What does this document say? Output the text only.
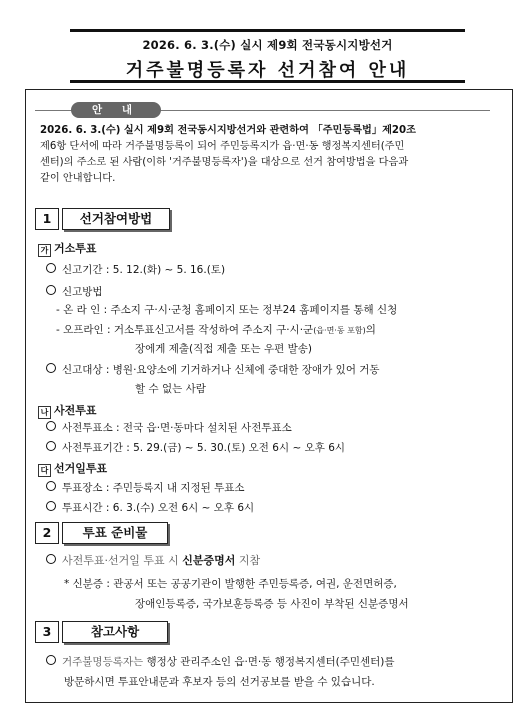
2026. 6. 3.(수) 실시 제9회 전국동시지방선거
거주불명등록자 선거참여 안내
안 내
2026. 6. 3.(수) 실시 제9회 전국동시지방선거와 관련하여 「주민등록법」제20조
제6항 단서에 따라 거주불명등록이 되어 주민등록지가 읍·면·동 행정복지센터(주민
센터)의 주소로 된 사람(이하 '거주불명등록자')을 대상으로 선거 참여방법을 다음과
같이 안내합니다.
1	선거참여방법
가 거소투표
신고기간 : 5. 12.(화) ~ 5. 16.(토)
신고방법
- 온 라 인 : 주소지 구·시·군청 홈페이지 또는 정부24 홈페이지를 통해 신청
- 오프라인 : 거소투표신고서를 작성하여 주소지 구·시·군(읍·면·동 포함)의
장에게 제출(직접 제출 또는 우편 발송)
신고대상 : 병원·요양소에 기거하거나 신체에 중대한 장애가 있어 거동
할 수 없는 사람
나 사전투표
사전투표소 : 전국 읍·면·동마다 설치된 사전투표소
사전투표기간 : 5. 29.(금) ~ 5. 30.(토) 오전 6시 ~ 오후 6시
다 선거일투표
투표장소 : 주민등록지 내 지정된 투표소
투표시간 : 6. 3.(수) 오전 6시 ~ 오후 6시
2	투표 준비물
사전투표·선거일 투표 시 신분증명서 지참
* 신분증 : 관공서 또는 공공기관이 발행한 주민등록증, 여권, 운전면허증,
장애인등록증, 국가보훈등록증 등 사진이 부착된 신분증명서
3	참고사항
거주불명등록자는 행정상 관리주소인 읍·면·동 행정복지센터(주민센터)를
방문하시면 투표안내문과 후보자 등의 선거공보를 받을 수 있습니다.
